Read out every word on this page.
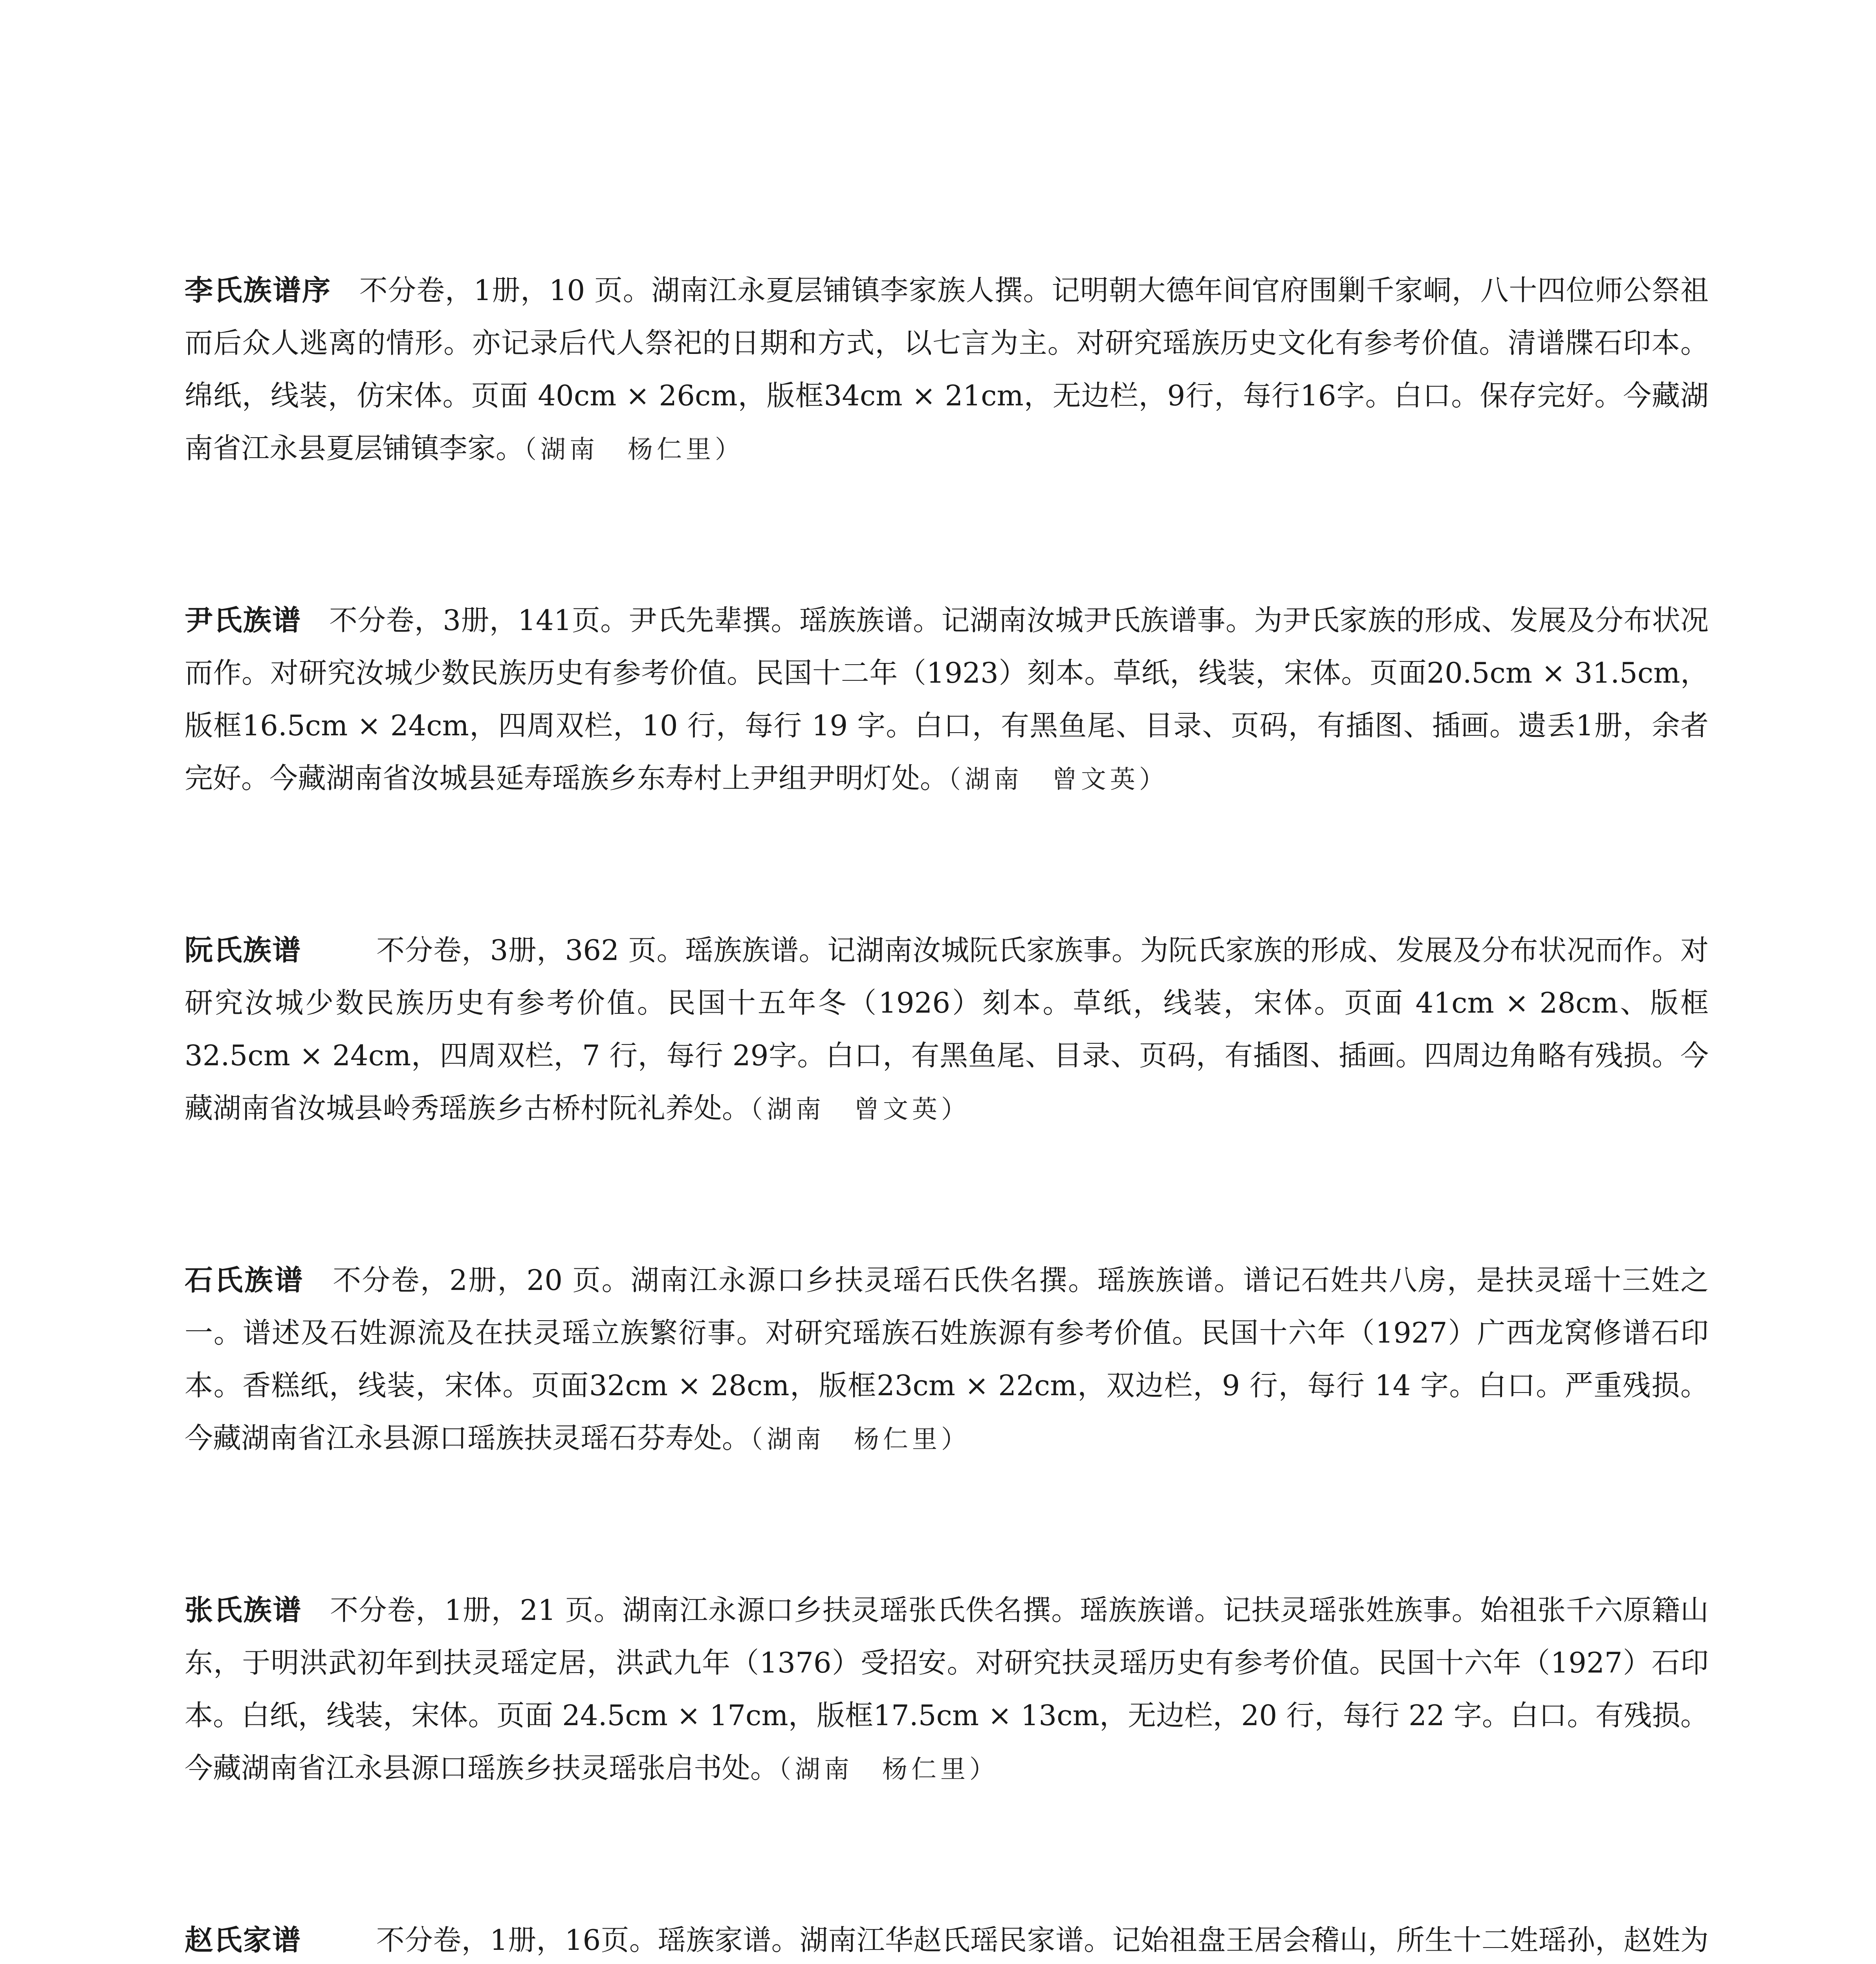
李氏族谱序 不分卷，1册，10 页。湖南江永夏层铺镇李家族人撰。记明朝大德年间官府围剿千家峒，八十四位师公祭祖而后众人逃离的情形。亦记录后代人祭祀的日期和方式，以七言为主。对研究瑶族历史文化有参考价值。清谱牒石印本。绵纸，线装，仿宋体。页面 40cm × 26cm，版框34cm × 21cm，无边栏，9行，每行16字。白口。保存完好。今藏湖南省江永县夏层铺镇李家。（湖南　杨仁里）

尹氏族谱 不分卷，3册，141页。尹氏先辈撰。瑶族族谱。记湖南汝城尹氏族谱事。为尹氏家族的形成、发展及分布状况而作。对研究汝城少数民族历史有参考价值。民国十二年（1923）刻本。草纸，线装，宋体。页面20.5cm × 31.5cm，版框16.5cm × 24cm，四周双栏，10 行，每行 19 字。白口，有黑鱼尾、目录、页码，有插图、插画。遗丢1册，余者完好。今藏湖南省汝城县延寿瑶族乡东寿村上尹组尹明灯处。（湖南　曾文英）

阮氏族谱	不分卷，3册，362 页。瑶族族谱。记湖南汝城阮氏家族事。为阮氏家族的形成、发展及分布状况而作。对研究汝城少数民族历史有参考价值。民国十五年冬（1926）刻本。草纸，线装，宋体。页面 41cm × 28cm、版框 32.5cm × 24cm，四周双栏，7 行，每行 29字。白口，有黑鱼尾、目录、页码，有插图、插画。四周边角略有残损。今藏湖南省汝城县岭秀瑶族乡古桥村阮礼养处。（湖南　曾文英）

石氏族谱 不分卷，2册，20 页。湖南江永源口乡扶灵瑶石氏佚名撰。瑶族族谱。谱记石姓共八房，是扶灵瑶十三姓之一。谱述及石姓源流及在扶灵瑶立族繁衍事。对研究瑶族石姓族源有参考价值。民国十六年（1927）广西龙窝修谱石印本。香糕纸，线装，宋体。页面32cm × 28cm，版框23cm × 22cm，双边栏，9 行，每行 14 字。白口。严重残损。今藏湖南省江永县源口瑶族扶灵瑶石芬寿处。（湖南　杨仁里）

张氏族谱 不分卷，1册，21 页。湖南江永源口乡扶灵瑶张氏佚名撰。瑶族族谱。记扶灵瑶张姓族事。始祖张千六原籍山东，于明洪武初年到扶灵瑶定居，洪武九年（1376）受招安。对研究扶灵瑶历史有参考价值。民国十六年（1927）石印本。白纸，线装，宋体。页面 24.5cm × 17cm，版框17.5cm × 13cm，无边栏，20 行，每行 22 字。白口。有残损。今藏湖南省江永县源口瑶族乡扶灵瑶张启书处。（湖南　杨仁里）

赵氏家谱	不分卷，1册，16页。瑶族家谱。湖南江华赵氏瑶民家谱。记始祖盘王居会稽山，所生十二姓瑶孙，赵姓为
